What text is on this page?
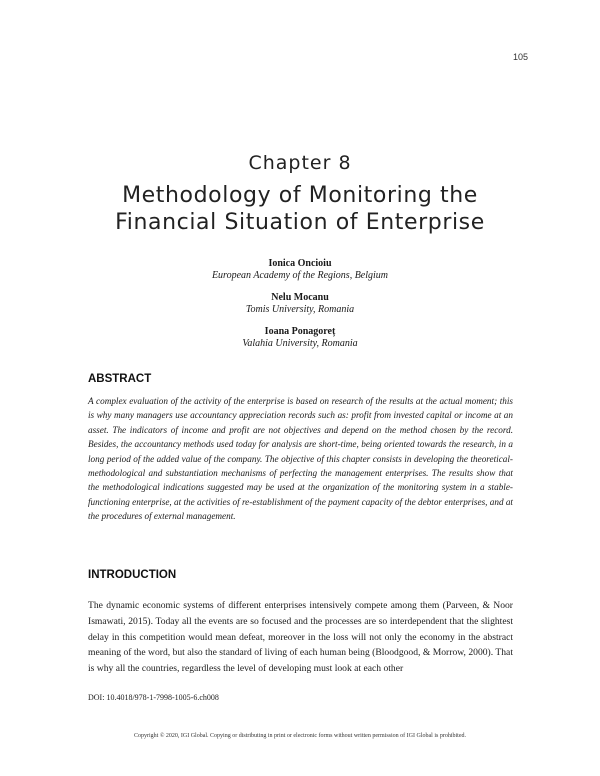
105
Chapter 8
Methodology of Monitoring the
Financial Situation of Enterprise
Ionica Oncioiu
European Academy of the Regions, Belgium
Nelu Mocanu
Tomis University, Romania
Ioana Ponagoreț
Valahia University, Romania
ABSTRACT
A complex evaluation of the activity of the enterprise is based on research of the results at the actual moment; this is why many managers use accountancy appreciation records such as: profit from invested capital or income at an asset. The indicators of income and profit are not objectives and depend on the method chosen by the record. Besides, the accountancy methods used today for analysis are short-time, being oriented towards the research, in a long period of the added value of the company. The objective of this chapter consists in developing the theoretical-methodological and substantiation mechanisms of perfecting the management enterprises. The results show that the methodological indications suggested may be used at the organization of the monitoring system in a stable-functioning enterprise, at the activities of re-establishment of the payment capacity of the debtor enterprises, and at the procedures of external management.
INTRODUCTION
The dynamic economic systems of different enterprises intensively compete among them (Parveen, & Noor Ismawati, 2015). Today all the events are so focused and the processes are so interdependent that the slightest delay in this competition would mean defeat, moreover in the loss will not only the economy in the abstract meaning of the word, but also the standard of living of each human being (Bloodgood, & Morrow, 2000). That is why all the countries, regardless the level of developing must look at each other
DOI: 10.4018/978-1-7998-1005-6.ch008
Copyright © 2020, IGI Global. Copying or distributing in print or electronic forms without written permission of IGI Global is prohibited.
